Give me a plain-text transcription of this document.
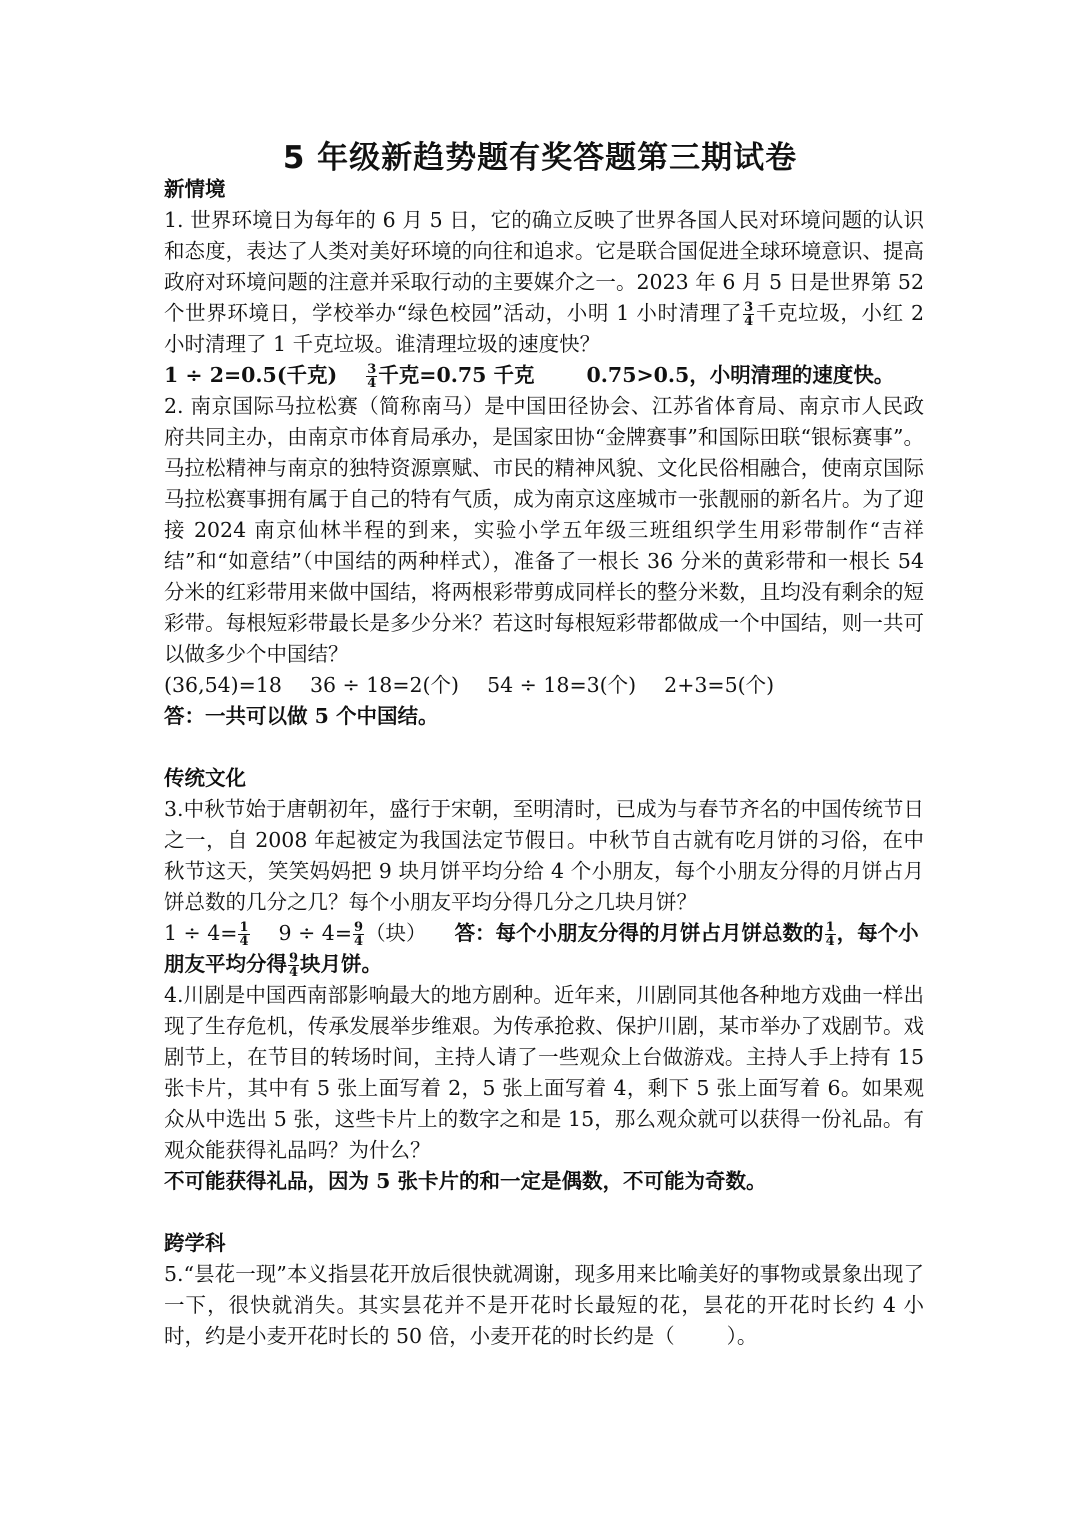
5 年级新趋势题有奖答题第三期试卷

新情境

1. 世界环境日为每年的 6 月 5 日，它的确立反映了世界各国人民对环境问题的认识和态度，表达了人类对美好环境的向往和追求。它是联合国促进全球环境意识、提高政府对环境问题的注意并采取行动的主要媒介之一。2023 年 6 月 5 日是世界第 52 个世界环境日，学校举办“绿色校园”活动，小明 1 小时清理了 $\frac{3}{4}$ 千克垃圾，小红 2 小时清理了 1 千克垃圾。谁清理垃圾的速度快？

1 ÷ 2=0.5(千克) $\frac{3}{4}$ 千克=0.75 千克	0.75>0.5，小明清理的速度快。

2. 南京国际马拉松赛（简称南马）是中国田径协会、江苏省体育局、南京市人民政府共同主办，由南京市体育局承办，是国家田协“金牌赛事”和国际田联“银标赛事”。马拉松精神与南京的独特资源禀赋、市民的精神风貌、文化民俗相融合，使南京国际马拉松赛事拥有属于自己的特有气质，成为南京这座城市一张靓丽的新名片。为了迎接 2024 南京仙林半程的到来，实验小学五年级三班组织学生用彩带制作“吉祥结”和“如意结”（中国结的两种样式），准备了一根长 36 分米的黄彩带和一根长 54 分米的红彩带用来做中国结，将两根彩带剪成同样长的整分米数，且均没有剩余的短彩带。每根短彩带最长是多少分米？若这时每根短彩带都做成一个中国结，则一共可以做多少个中国结？

(36,54)=18 36 ÷ 18=2(个) 54 ÷ 18=3(个) 2+3=5(个)

答：一共可以做 5 个中国结。

传统文化

3.中秋节始于唐朝初年，盛行于宋朝，至明清时，已成为与春节齐名的中国传统节日之一，自 2008 年起被定为我国法定节假日。中秋节自古就有吃月饼的习俗，在中秋节这天，笑笑妈妈把 9 块月饼平均分给 4 个小朋友，每个小朋友分得的月饼占月饼总数的几分之几？每个小朋友平均分得几分之几块月饼？

$1 \div 4= \frac{1}{4} 9 \div 4= \frac{9}{4}$ （块） 答：每个小朋友分得的月饼占月饼总数的 $\frac{1}{4}$ ，每个小朋友平均分得 $\frac{9}{4}$ 块月饼。

4.川剧是中国西南部影响最大的地方剧种。近年来，川剧同其他各种地方戏曲一样出现了生存危机，传承发展举步维艰。为传承抢救、保护川剧，某市举办了戏剧节。戏剧节上，在节目的转场时间，主持人请了一些观众上台做游戏。主持人手上持有 15 张卡片，其中有 5 张上面写着 2，5 张上面写着 4，剩下 5 张上面写着 6。如果观众从中选出 5 张，这些卡片上的数字之和是 15，那么观众就可以获得一份礼品。有观众能获得礼品吗？为什么？

不可能获得礼品，因为 5 张卡片的和一定是偶数，不可能为奇数。

跨学科

5.“昙花一现”本义指昙花开放后很快就凋谢，现多用来比喻美好的事物或景象出现了一下，很快就消失。其实昙花并不是开花时长最短的花，昙花的开花时长约 4 小时，约是小麦开花时长的 50 倍，小麦开花的时长约是（	）。
